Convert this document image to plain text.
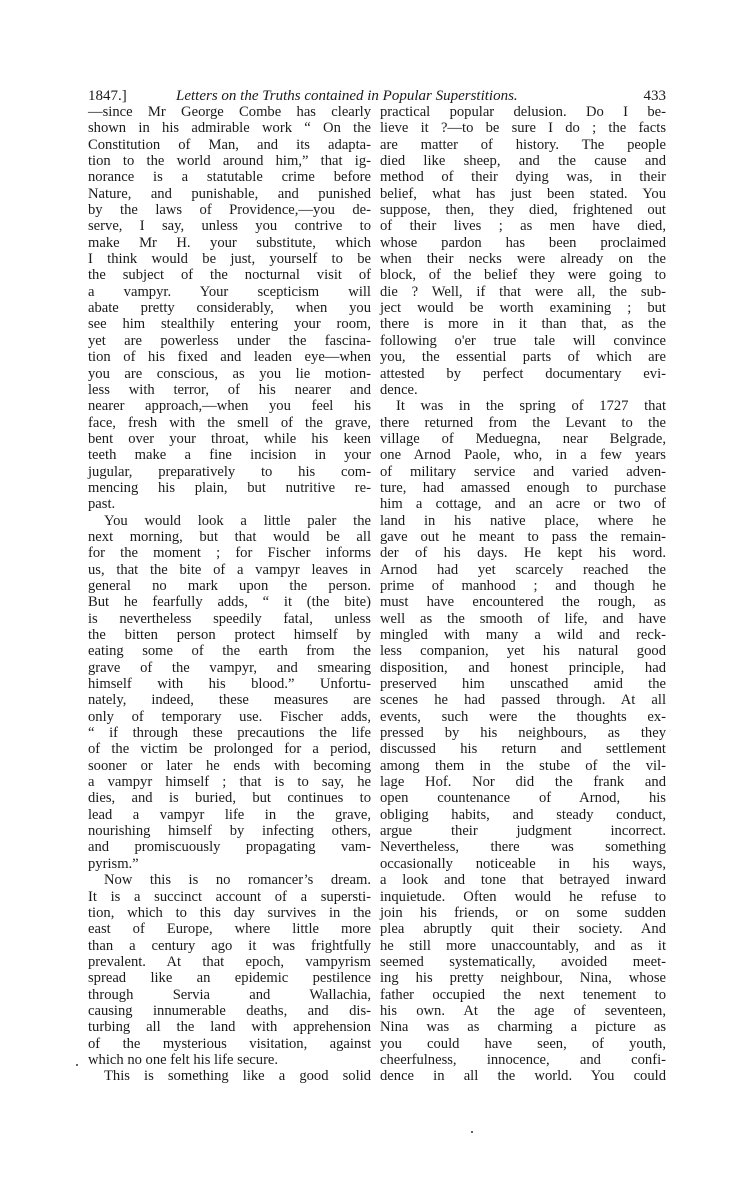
1847.]	Letters on the Truths contained in Popular Superstitions.	433
—since Mr George Combe has clearly
shown in his admirable work “ On the
Constitution of Man, and its adapta-
tion to the world around him,” that ig-
norance is a statutable crime before
Nature, and punishable, and punished
by the laws of Providence,—you de-
serve, I say, unless you contrive to
make Mr H. your substitute, which
I think would be just, yourself to be
the subject of the nocturnal visit of
a vampyr. Your scepticism will
abate pretty considerably, when you
see him stealthily entering your room,
yet are powerless under the fascina-
tion of his fixed and leaden eye—when
you are conscious, as you lie motion-
less with terror, of his nearer and
nearer approach,—when you feel his
face, fresh with the smell of the grave,
bent over your throat, while his keen
teeth make a fine incision in your
jugular, preparatively to his com-
mencing his plain, but nutritive re-
past.
You would look a little paler the
next morning, but that would be all
for the moment ; for Fischer informs
us, that the bite of a vampyr leaves in
general no mark upon the person.
But he fearfully adds, “ it (the bite)
is nevertheless speedily fatal, unless
the bitten person protect himself by
eating some of the earth from the
grave of the vampyr, and smearing
himself with his blood.” Unfortu-
nately, indeed, these measures are
only of temporary use. Fischer adds,
“ if through these precautions the life
of the victim be prolonged for a period,
sooner or later he ends with becoming
a vampyr himself ; that is to say, he
dies, and is buried, but continues to
lead a vampyr life in the grave,
nourishing himself by infecting others,
and promiscuously propagating vam-
pyrism.”
Now this is no romancer’s dream.
It is a succinct account of a supersti-
tion, which to this day survives in the
east of Europe, where little more
than a century ago it was frightfully
prevalent. At that epoch, vampyrism
spread like an epidemic pestilence
through Servia and Wallachia,
causing innumerable deaths, and dis-
turbing all the land with apprehension
of the mysterious visitation, against
which no one felt his life secure.
This is something like a good solid
practical popular delusion. Do I be-
lieve it ?—to be sure I do ; the facts
are matter of history. The people
died like sheep, and the cause and
method of their dying was, in their
belief, what has just been stated. You
suppose, then, they died, frightened out
of their lives ; as men have died,
whose pardon has been proclaimed
when their necks were already on the
block, of the belief they were going to
die ? Well, if that were all, the sub-
ject would be worth examining ; but
there is more in it than that, as the
following o'er true tale will convince
you, the essential parts of which are
attested by perfect documentary evi-
dence.
It was in the spring of 1727 that
there returned from the Levant to the
village of Meduegna, near Belgrade,
one Arnod Paole, who, in a few years
of military service and varied adven-
ture, had amassed enough to purchase
him a cottage, and an acre or two of
land in his native place, where he
gave out he meant to pass the remain-
der of his days. He kept his word.
Arnod had yet scarcely reached the
prime of manhood ; and though he
must have encountered the rough, as
well as the smooth of life, and have
mingled with many a wild and reck-
less companion, yet his natural good
disposition, and honest principle, had
preserved him unscathed amid the
scenes he had passed through. At all
events, such were the thoughts ex-
pressed by his neighbours, as they
discussed his return and settlement
among them in the stube of the vil-
lage Hof. Nor did the frank and
open countenance of Arnod, his
obliging habits, and steady conduct,
argue their judgment incorrect.
Nevertheless, there was something
occasionally noticeable in his ways,
a look and tone that betrayed inward
inquietude. Often would he refuse to
join his friends, or on some sudden
plea abruptly quit their society. And
he still more unaccountably, and as it
seemed systematically, avoided meet-
ing his pretty neighbour, Nina, whose
father occupied the next tenement to
his own. At the age of seventeen,
Nina was as charming a picture as
you could have seen, of youth,
cheerfulness, innocence, and confi-
dence in all the world. You could
